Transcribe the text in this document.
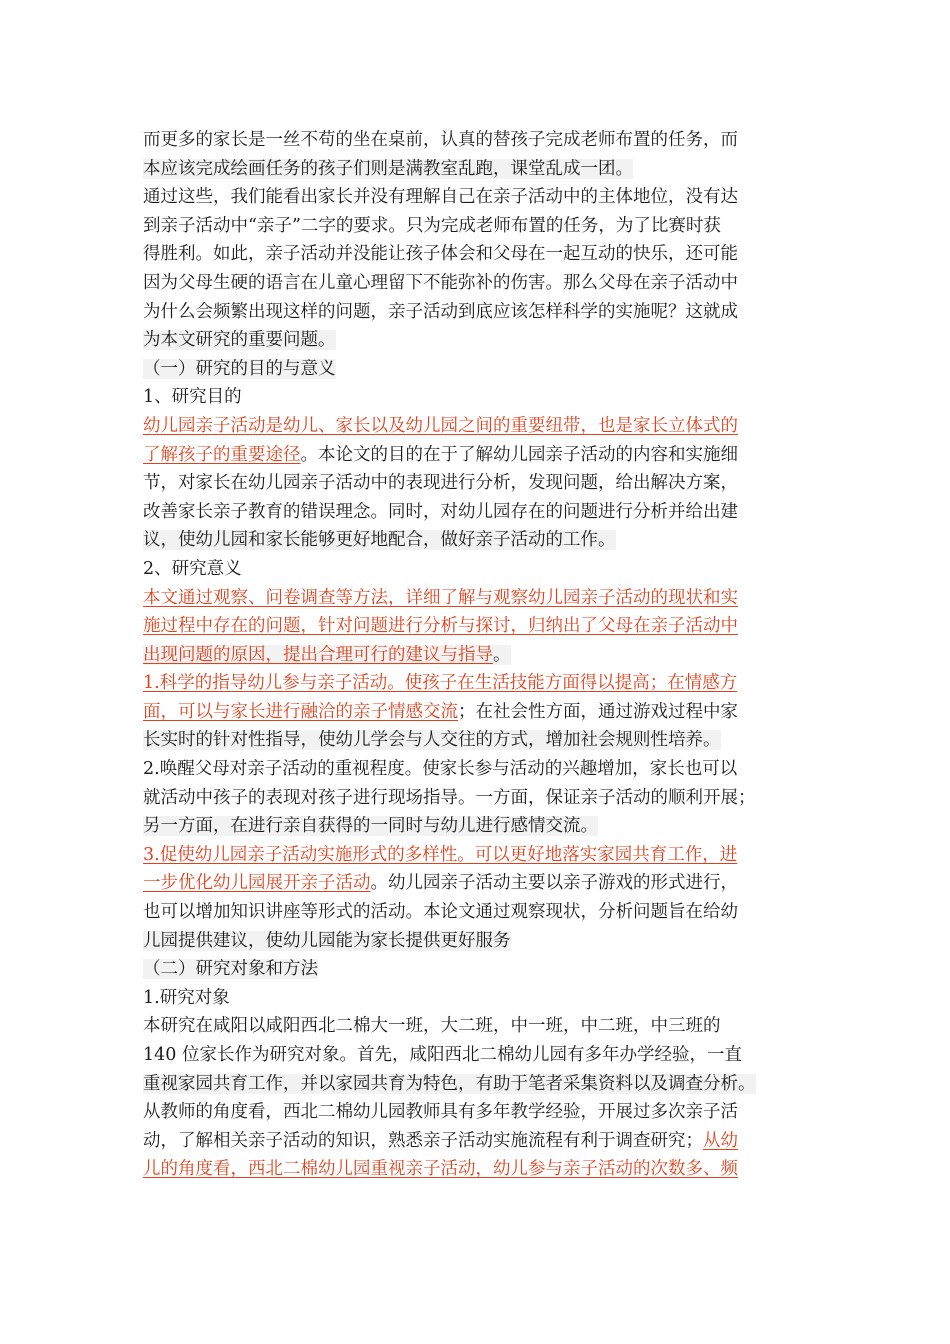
而更多的家长是一丝不苟的坐在桌前，认真的替孩子完成老师布置的任务，而
本应该完成绘画任务的孩子们则是满教室乱跑，课堂乱成一团。
通过这些，我们能看出家长并没有理解自己在亲子活动中的主体地位，没有达
到亲子活动中“亲子”二字的要求。只为完成老师布置的任务，为了比赛时获
得胜利。如此，亲子活动并没能让孩子体会和父母在一起互动的快乐，还可能
因为父母生硬的语言在儿童心理留下不能弥补的伤害。那么父母在亲子活动中
为什么会频繁出现这样的问题，亲子活动到底应该怎样科学的实施呢？这就成
为本文研究的重要问题。
（一）研究的目的与意义
1、研究目的
幼儿园亲子活动是幼儿、家长以及幼儿园之间的重要纽带，也是家长立体式的
了解孩子的重要途径。本论文的目的在于了解幼儿园亲子活动的内容和实施细
节，对家长在幼儿园亲子活动中的表现进行分析，发现问题，给出解决方案，
改善家长亲子教育的错误理念。同时，对幼儿园存在的问题进行分析并给出建
议，使幼儿园和家长能够更好地配合，做好亲子活动的工作。
2、研究意义
本文通过观察、问卷调查等方法，详细了解与观察幼儿园亲子活动的现状和实
施过程中存在的问题，针对问题进行分析与探讨，归纳出了父母在亲子活动中
出现问题的原因，提出合理可行的建议与指导。
1.科学的指导幼儿参与亲子活动。使孩子在生活技能方面得以提高；在情感方
面，可以与家长进行融洽的亲子情感交流；在社会性方面，通过游戏过程中家
长实时的针对性指导，使幼儿学会与人交往的方式，增加社会规则性培养。
2.唤醒父母对亲子活动的重视程度。使家长参与活动的兴趣增加，家长也可以
就活动中孩子的表现对孩子进行现场指导。一方面，保证亲子活动的顺利开展；
另一方面，在进行亲自获得的一同时与幼儿进行感情交流。
3.促使幼儿园亲子活动实施形式的多样性。可以更好地落实家园共育工作，进
一步优化幼儿园展开亲子活动。幼儿园亲子活动主要以亲子游戏的形式进行，
也可以增加知识讲座等形式的活动。本论文通过观察现状，分析问题旨在给幼
儿园提供建议，使幼儿园能为家长提供更好服务
（二）研究对象和方法
1.研究对象
本研究在咸阳以咸阳西北二棉大一班，大二班，中一班，中二班，中三班的
140 位家长作为研究对象。首先，咸阳西北二棉幼儿园有多年办学经验，一直
重视家园共育工作，并以家园共育为特色，有助于笔者采集资料以及调查分析。
从教师的角度看，西北二棉幼儿园教师具有多年教学经验，开展过多次亲子活
动，了解相关亲子活动的知识，熟悉亲子活动实施流程有利于调查研究；从幼
儿的角度看，西北二棉幼儿园重视亲子活动，幼儿参与亲子活动的次数多、频
